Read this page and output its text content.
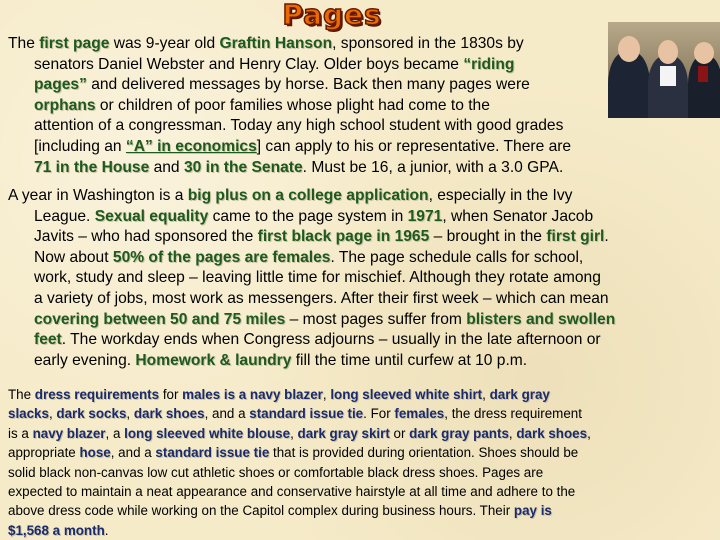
Pages
The first page was 9-year old Graftin Hanson, sponsored in the 1830s by
senators Daniel Webster and Henry Clay. Older boys became “riding
pages” and delivered messages by horse. Back then many pages were
orphans or children of poor families whose plight had come to the
attention of a congressman. Today any high school student with good grades
[including an “A” in economics] can apply to his or representative. There are
71 in the House and 30 in the Senate. Must be 16, a junior, with a 3.0 GPA.
A year in Washington is a big plus on a college application, especially in the Ivy
League. Sexual equality came to the page system in 1971, when Senator Jacob
Javits – who had sponsored the first black page in 1965 – brought in the first girl.
Now about 50% of the pages are females. The page schedule calls for school,
work, study and sleep – leaving little time for mischief. Although they rotate among
a variety of jobs, most work as messengers. After their first week – which can mean
covering between 50 and 75 miles – most pages suffer from blisters and swollen
feet. The workday ends when Congress adjourns – usually in the late afternoon or
early evening. Homework & laundry fill the time until curfew at 10 p.m.
The dress requirements for males is a navy blazer, long sleeved white shirt, dark gray
slacks, dark socks, dark shoes, and a standard issue tie. For females, the dress requirement
is a navy blazer, a long sleeved white blouse, dark gray skirt or dark gray pants, dark shoes,
appropriate hose, and a standard issue tie that is provided during orientation. Shoes should be
solid black non-canvas low cut athletic shoes or comfortable black dress shoes. Pages are
expected to maintain a neat appearance and conservative hairstyle at all time and adhere to the
above dress code while working on the Capitol complex during business hours. Their pay is
$1,568 a month.
